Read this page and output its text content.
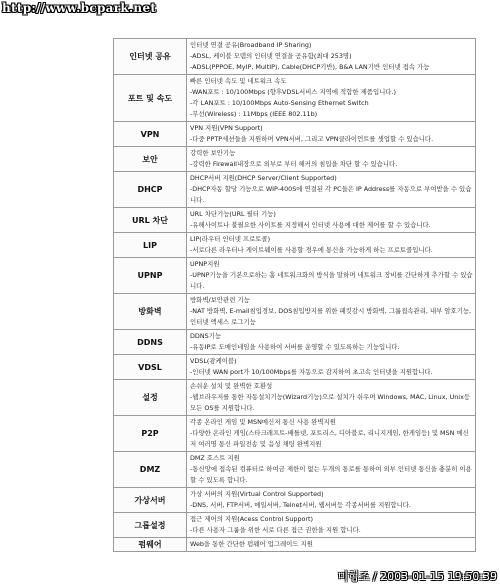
http://www.bcpark.net
인터넷 공유	인터넷 연결 공유(Broadband IP Sharing)
-ADSL, 케이블 모뎀의 인터넷 연결을 공유함(최대 253명)
-ADSL(PPPOE, MyIP, MultIP), Cable(DHCP기반), B&A LAN기반 인터넷 접속 가능

포트 및 속도	빠른 인터넷 속도 및 네트워크 속도
-WAN포트 : 10/100Mbps (향후VDSL서비스 지역에 적합한 제품입니다.)
-각 LAN포트 : 10/100Mbps Auto-Sensing Ethernet Switch
-무선(Wireless) : 11Mbps (IEEE 802.11b)

VPN	VPN 지원(VPN Support)
-다중 PPTP세션들을 지원하며 VPN서버, 그리고 VPN클라이언트를 셋업할 수 있습니다.

보안	강력한 보안기능
-강력한 Firewall내장으로 외부로 부터 해커의 침입을 차단 할 수 있습니다.

DHCP	DHCP서버 지원(DHCP Server/Client Supported)
-DHCP자동 할당 기능으로 WIP-400S에 연결된 각 PC들은 IP Address를 자동으로 부여받을 수 있습니다.

URL 차단	URL 차단기능(URL 필터 기능)
-유해사이트나 불필요한 사이트를 지정해서 인터넷 사용에 대한 제어를 할 수 있습니다.

LIP	LIP(라우터 인터넷 프로토콜)
-서로다른 라우터나 게이트웨이를 사용할 경우에 통신을 가능하게 하는 프로토콜입니다.

UPNP	UPNP지원
-UPNP기능을 기본으로하는 홈 네트워크화의 방식을 말하며 네트워크 장비를 간단하게 추가할 수 있습니다.

방화벽	방화벽/보안관련 기능
-NAT 방화벽, E-mail침입경보, DOS침입방지를 위한 패킷감시 방화벽, 그룹접속관리, 내부 암호기능, 인터넷 액세스 로그기능

DDNS	DDNS기능
-유동IP로 도메인네임을 사용하여 서버를 운영할 수 있도록하는 기능입니다.

VDSL	VDSL(광케이블)
-인터넷 WAN port가 10/100Mbps를 자동으로 감지하여 초고속 인터넷을 지원합니다.

설정	손쉬운 설치 및 완벽한 호환성
-웹브라우저를 통한 자동설치기능(Wizard기능)으로 설치가 쉬우며 Windows, MAC, Linux, Unix등 모든 OS를 지원합니다.

P2P	각종 온라인 게임 및 MSN메신저 통신 사용 완벽지원
-다양한 온라인 게임(스타크래프트-배틀넷, 포트리스, 디아블로, 리니지게임, 한게임등) 및 MSN 메신저 여러명 통신 파일전송 및 음성 채팅 완벽지원

DMZ	DMZ 호스트 지원
-통신망에 접속된 컴퓨터로 하여금 제한이 없는 두개의 통로를 통하여 외부 인터넷 통신을 충분히 이용할 수 있도록 합니다.

가상서버	가상 서버의 지원(Virtual Control Supported)
-DNS, 서버, FTP서버, 메일서버, Telnet서버, 웹서버등 각종서버를 지원합니다.

그룹설정	접근 제어의 지원(Acess Control Support)
-다른 사용자 그룹을 위한 서로 다른 접근 권한을 지원 합니다.

펌웨어	Web을 통한 간단한 펌웨어 업그레이드 지원
미형조 / 2003-01-15 19:50:39
